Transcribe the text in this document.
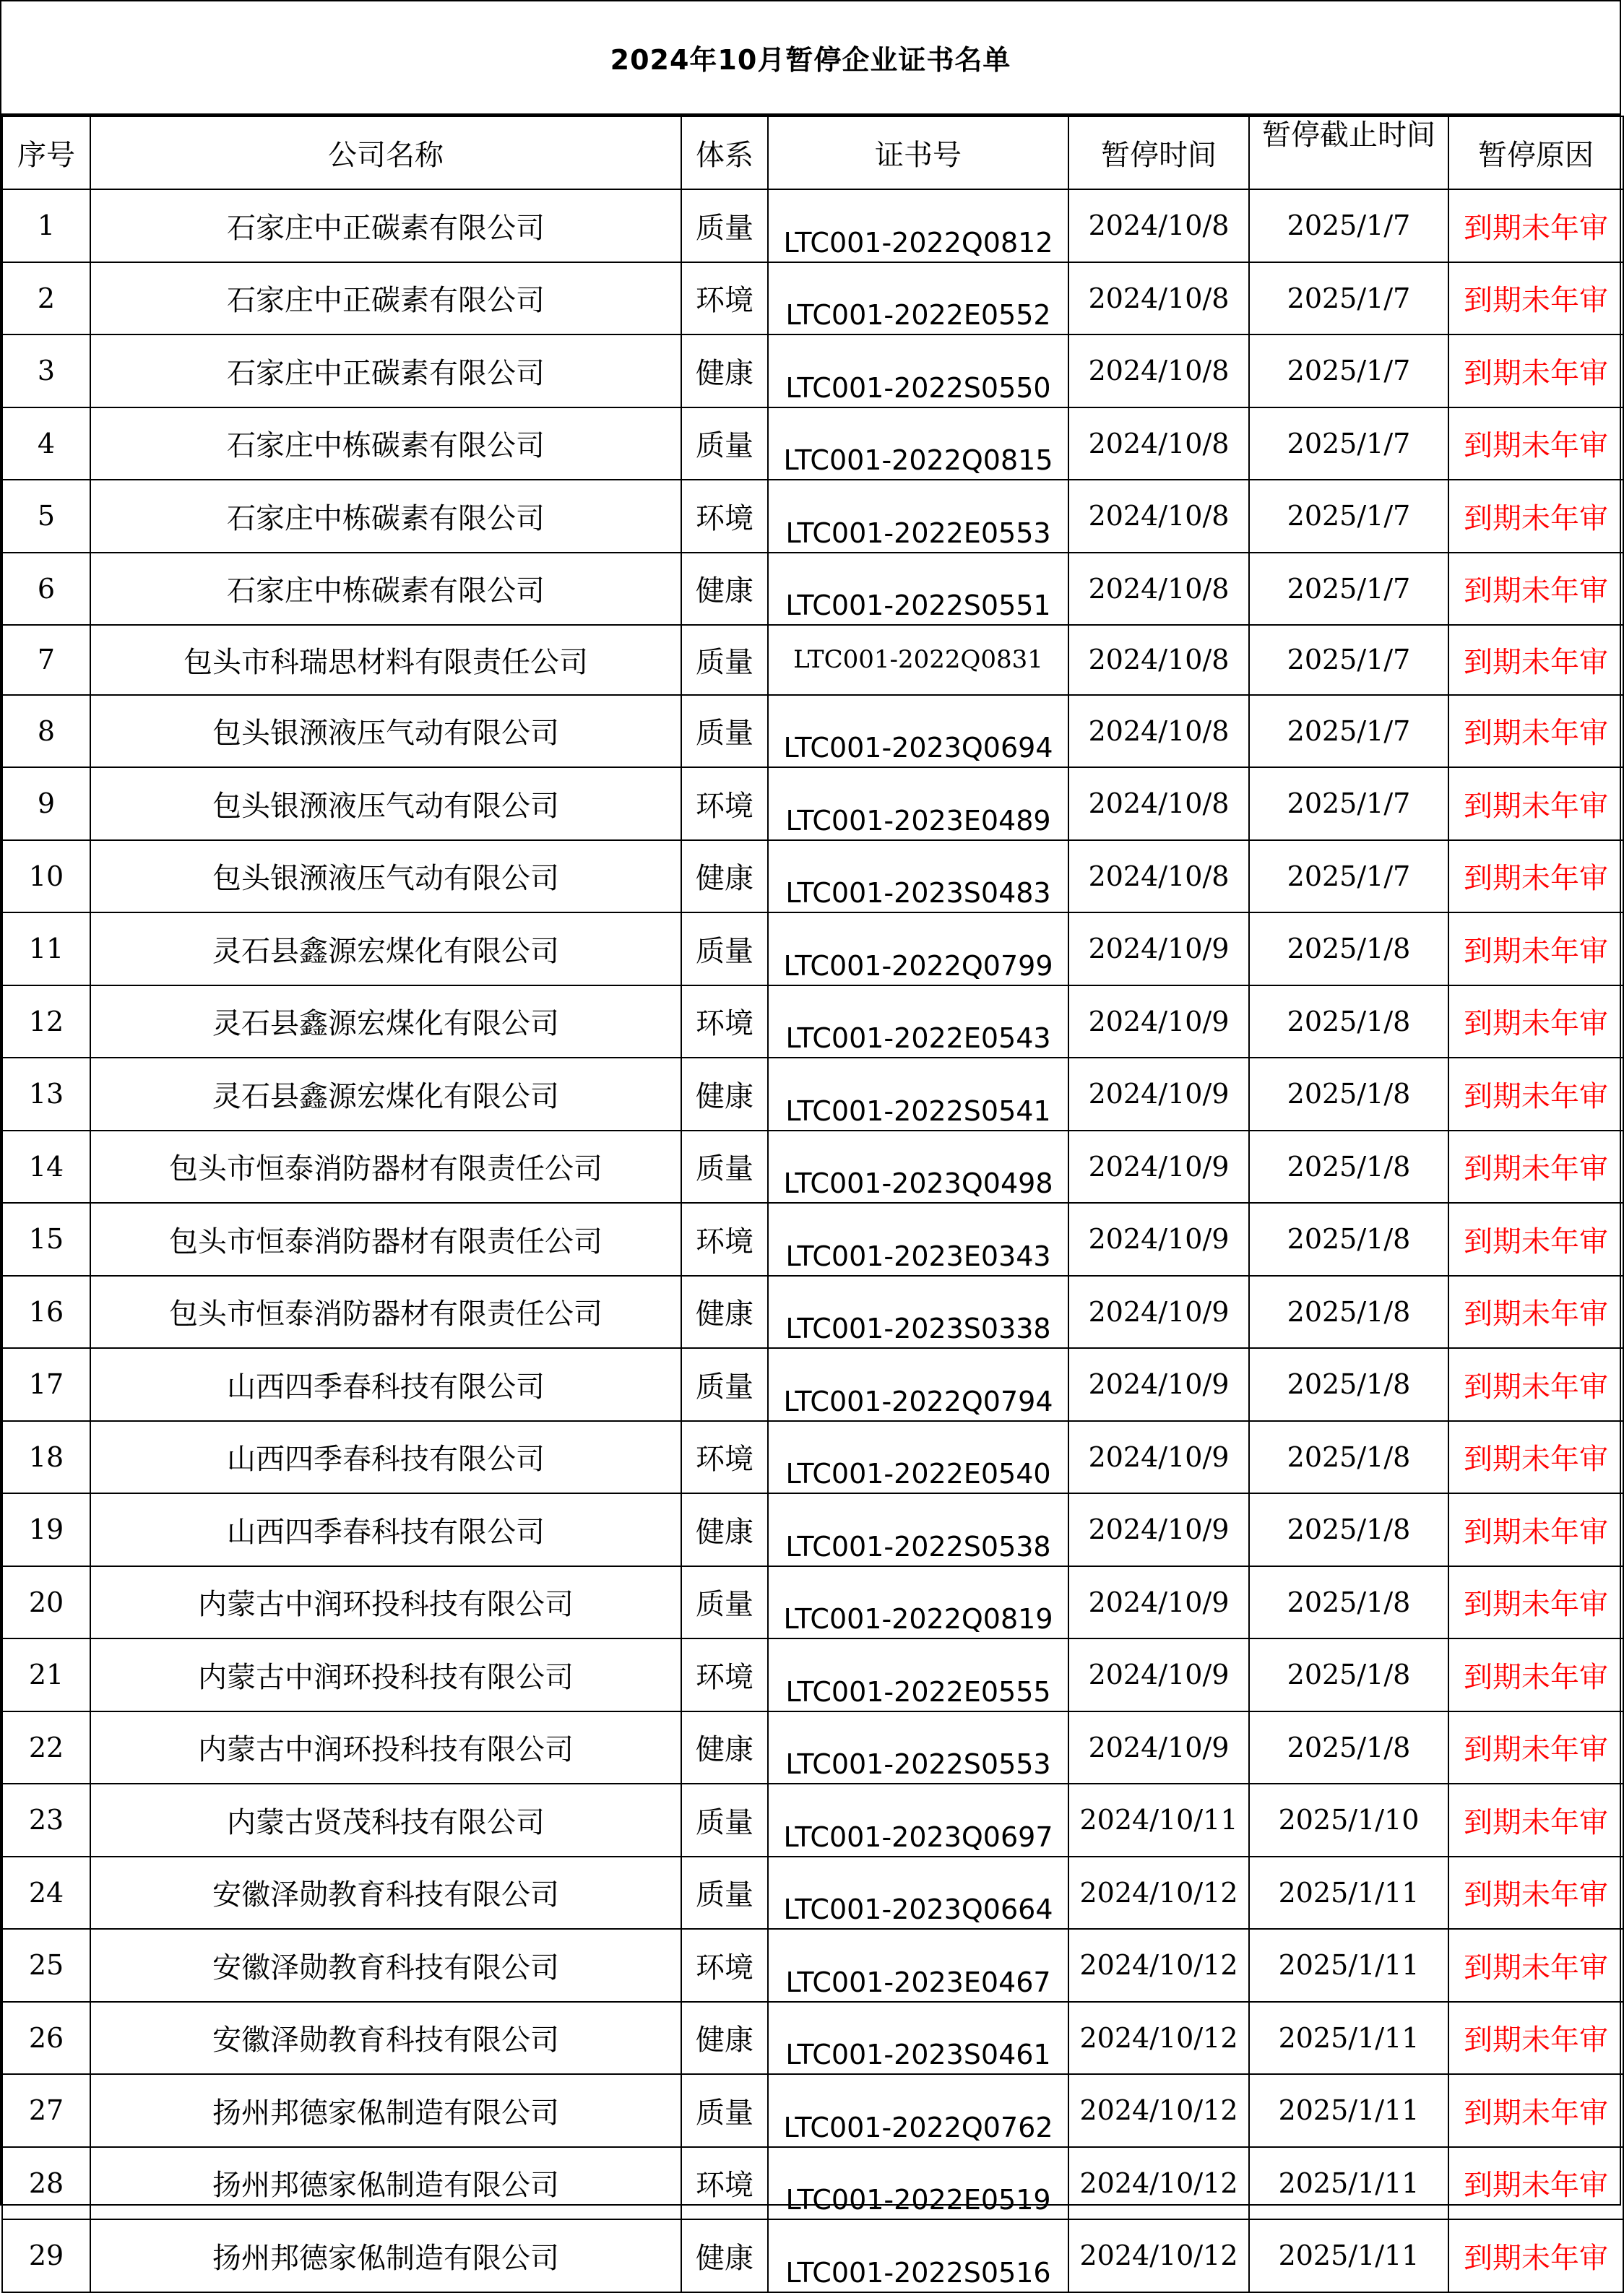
2024年10月暂停企业证书名单
序号	公司名称	体系	证书号	暂停时间	暂停截止时间	暂停原因
1	石家庄中正碳素有限公司	质量	LTC001-2022Q0812	2024/10/8	2025/1/7	到期未年审
2	石家庄中正碳素有限公司	环境	LTC001-2022E0552	2024/10/8	2025/1/7	到期未年审
3	石家庄中正碳素有限公司	健康	LTC001-2022S0550	2024/10/8	2025/1/7	到期未年审
4	石家庄中栋碳素有限公司	质量	LTC001-2022Q0815	2024/10/8	2025/1/7	到期未年审
5	石家庄中栋碳素有限公司	环境	LTC001-2022E0553	2024/10/8	2025/1/7	到期未年审
6	石家庄中栋碳素有限公司	健康	LTC001-2022S0551	2024/10/8	2025/1/7	到期未年审
7	包头市科瑞思材料有限责任公司	质量	LTC001-2022Q0831	2024/10/8	2025/1/7	到期未年审
8	包头银滪液压气动有限公司	质量	LTC001-2023Q0694	2024/10/8	2025/1/7	到期未年审
9	包头银滪液压气动有限公司	环境	LTC001-2023E0489	2024/10/8	2025/1/7	到期未年审
10	包头银滪液压气动有限公司	健康	LTC001-2023S0483	2024/10/8	2025/1/7	到期未年审
11	灵石县鑫源宏煤化有限公司	质量	LTC001-2022Q0799	2024/10/9	2025/1/8	到期未年审
12	灵石县鑫源宏煤化有限公司	环境	LTC001-2022E0543	2024/10/9	2025/1/8	到期未年审
13	灵石县鑫源宏煤化有限公司	健康	LTC001-2022S0541	2024/10/9	2025/1/8	到期未年审
14	包头市恒泰消防器材有限责任公司	质量	LTC001-2023Q0498	2024/10/9	2025/1/8	到期未年审
15	包头市恒泰消防器材有限责任公司	环境	LTC001-2023E0343	2024/10/9	2025/1/8	到期未年审
16	包头市恒泰消防器材有限责任公司	健康	LTC001-2023S0338	2024/10/9	2025/1/8	到期未年审
17	山西四季春科技有限公司	质量	LTC001-2022Q0794	2024/10/9	2025/1/8	到期未年审
18	山西四季春科技有限公司	环境	LTC001-2022E0540	2024/10/9	2025/1/8	到期未年审
19	山西四季春科技有限公司	健康	LTC001-2022S0538	2024/10/9	2025/1/8	到期未年审
20	内蒙古中润环投科技有限公司	质量	LTC001-2022Q0819	2024/10/9	2025/1/8	到期未年审
21	内蒙古中润环投科技有限公司	环境	LTC001-2022E0555	2024/10/9	2025/1/8	到期未年审
22	内蒙古中润环投科技有限公司	健康	LTC001-2022S0553	2024/10/9	2025/1/8	到期未年审
23	内蒙古贤茂科技有限公司	质量	LTC001-2023Q0697	2024/10/11	2025/1/10	到期未年审
24	安徽泽勋教育科技有限公司	质量	LTC001-2023Q0664	2024/10/12	2025/1/11	到期未年审
25	安徽泽勋教育科技有限公司	环境	LTC001-2023E0467	2024/10/12	2025/1/11	到期未年审
26	安徽泽勋教育科技有限公司	健康	LTC001-2023S0461	2024/10/12	2025/1/11	到期未年审
27	扬州邦德家俬制造有限公司	质量	LTC001-2022Q0762	2024/10/12	2025/1/11	到期未年审
28	扬州邦德家俬制造有限公司	环境	LTC001-2022E0519	2024/10/12	2025/1/11	到期未年审
29	扬州邦德家俬制造有限公司	健康	LTC001-2022S0516	2024/10/12	2025/1/11	到期未年审
